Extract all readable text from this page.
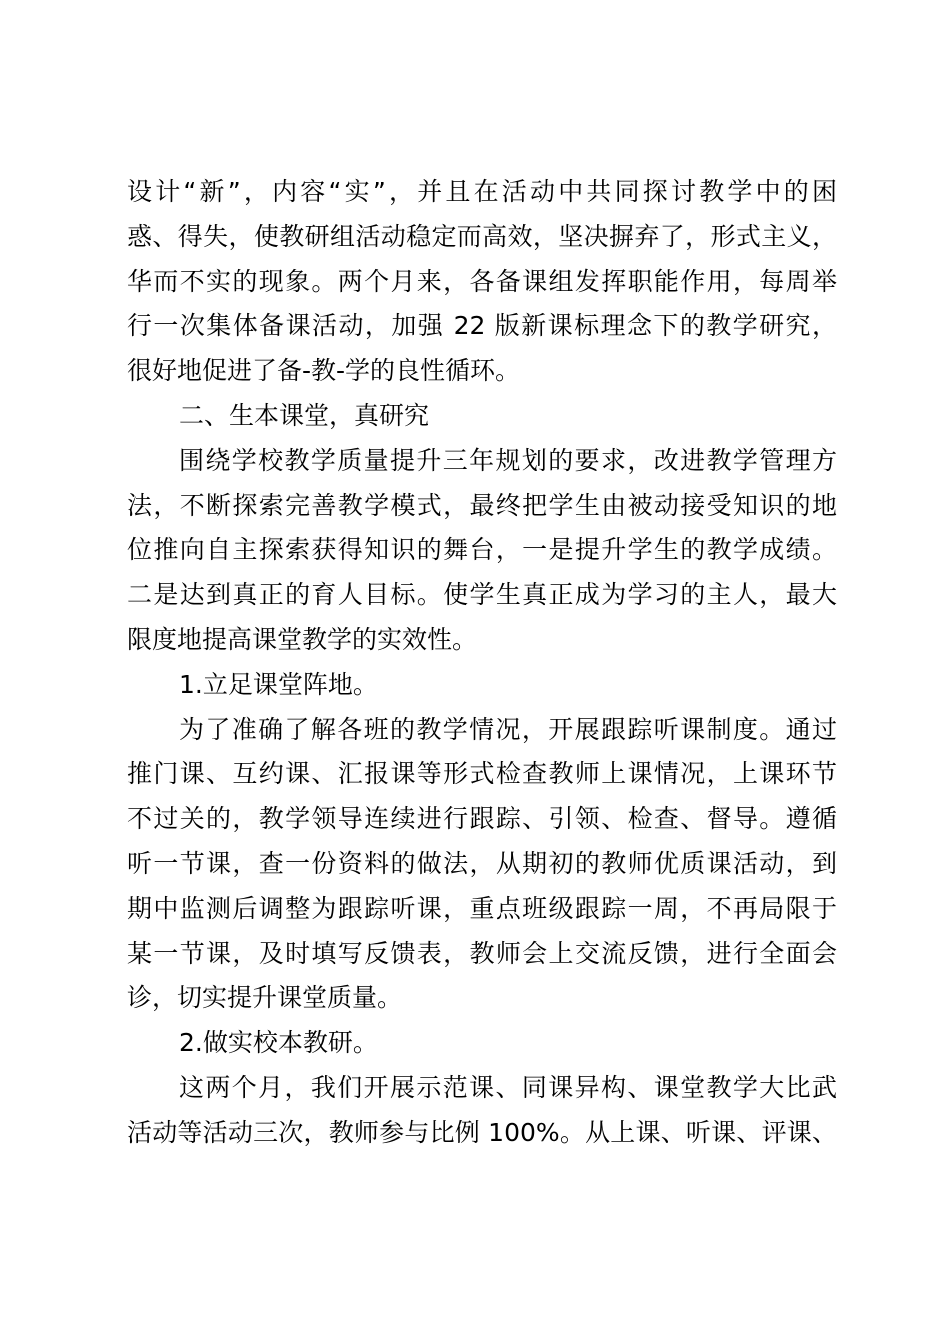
设计“新”，内容“实”，并且在活动中共同探讨教学中的困
惑、得失，使教研组活动稳定而高效，坚决摒弃了，形式主义，
华而不实的现象。两个月来，各备课组发挥职能作用，每周举
行一次集体备课活动，加强 22 版新课标理念下的教学研究，
很好地促进了备-教-学的良性循环。
二、生本课堂，真研究
围绕学校教学质量提升三年规划的要求，改进教学管理方
法，不断探索完善教学模式，最终把学生由被动接受知识的地
位推向自主探索获得知识的舞台，一是提升学生的教学成绩。
二是达到真正的育人目标。使学生真正成为学习的主人，最大
限度地提高课堂教学的实效性。
1.立足课堂阵地。
为了准确了解各班的教学情况，开展跟踪听课制度。通过
推门课、互约课、汇报课等形式检查教师上课情况，上课环节
不过关的，教学领导连续进行跟踪、引领、检查、督导。遵循
听一节课，查一份资料的做法，从期初的教师优质课活动，到
期中监测后调整为跟踪听课，重点班级跟踪一周，不再局限于
某一节课，及时填写反馈表，教师会上交流反馈，进行全面会
诊，切实提升课堂质量。
2.做实校本教研。
这两个月，我们开展示范课、同课异构、课堂教学大比武
活动等活动三次，教师参与比例 100%。从上课、听课、评课、
